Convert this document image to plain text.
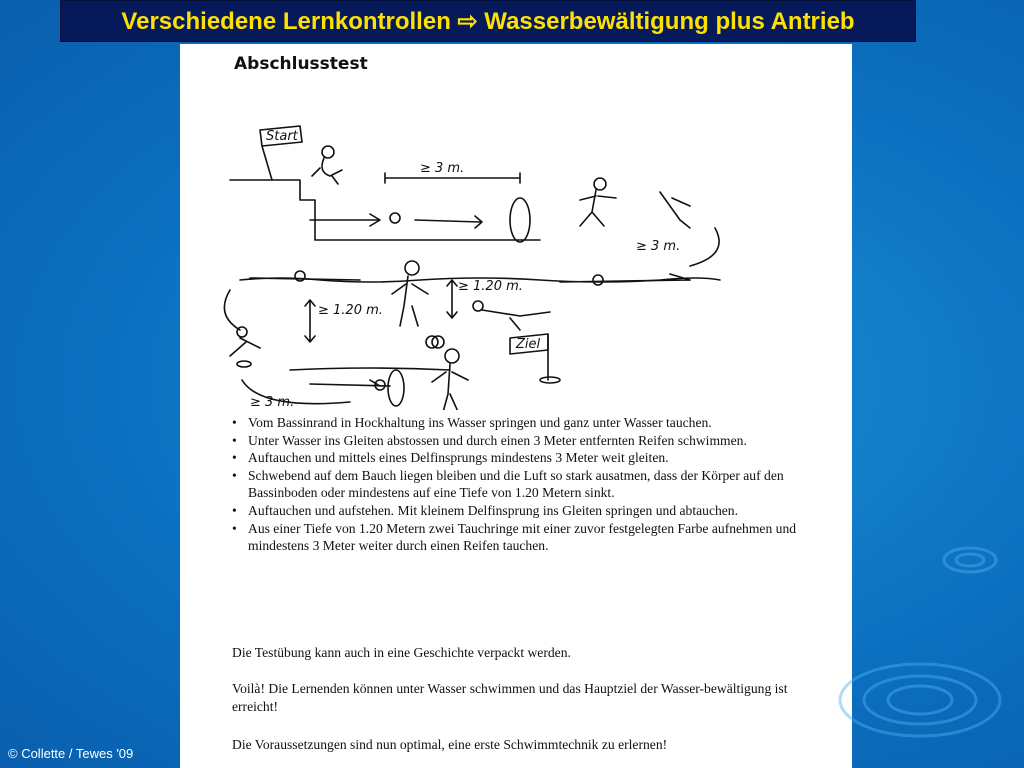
Verschiedene Lernkontrollen ⇨ Wasserbewältigung plus Antrieb
Abschlusstest
Start
≥ 3 m.
≥ 3 m.
≥ 1.20 m.
≥ 1.20 m.
Ziel
≥ 3 m.
• Vom Bassinrand in Hockhaltung ins Wasser springen und ganz unter Wasser tauchen.
• Unter Wasser ins Gleiten abstossen und durch einen 3 Meter entfernten Reifen schwimmen.
• Auftauchen und mittels eines Delfinsprungs mindestens 3 Meter weit gleiten.
• Schwebend auf dem Bauch liegen bleiben und die Luft so stark ausatmen, dass der Körper auf den Bassinboden oder mindestens auf eine Tiefe von 1.20 Metern sinkt.
• Auftauchen und aufstehen. Mit kleinem Delfinsprung ins Gleiten springen und abtauchen.
• Aus einer Tiefe von 1.20 Metern zwei Tauchringe mit einer zuvor festgelegten Farbe aufnehmen und mindestens 3 Meter weiter durch einen Reifen tauchen.

Die Testübung kann auch in eine Geschichte verpackt werden.

Voilà! Die Lernenden können unter Wasser schwimmen und das Hauptziel der Wasser-bewältigung ist erreicht!

Die Voraussetzungen sind nun optimal, eine erste Schwimmtechnik zu erlernen!

© Collette / Tewes '09
